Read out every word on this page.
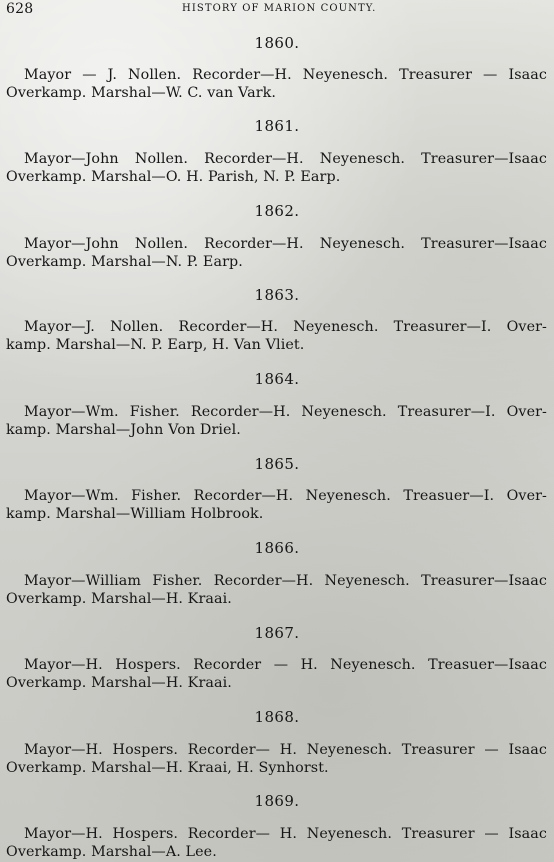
628	HISTORY OF MARION COUNTY.
1860.
Mayor — J. Nollen. Recorder—H. Neyenesch. Treasurer — Isaac
Overkamp. Marshal—W. C. van Vark.
1861.
Mayor—John Nollen. Recorder—H. Neyenesch. Treasurer—Isaac
Overkamp. Marshal—O. H. Parish, N. P. Earp.
1862.
Mayor—John Nollen. Recorder—H. Neyenesch. Treasurer—Isaac
Overkamp. Marshal—N. P. Earp.
1863.
Mayor—J. Nollen. Recorder—H. Neyenesch. Treasurer—I. Over-
kamp. Marshal—N. P. Earp, H. Van Vliet.
1864.
Mayor—Wm. Fisher. Recorder—H. Neyenesch. Treasurer—I. Over-
kamp. Marshal—John Von Driel.
1865.
Mayor—Wm. Fisher. Recorder—H. Neyenesch. Treasuer—I. Over-
kamp. Marshal—William Holbrook.
1866.
Mayor—William Fisher. Recorder—H. Neyenesch. Treasurer—Isaac
Overkamp. Marshal—H. Kraai.
1867.
Mayor—H. Hospers. Recorder — H. Neyenesch. Treasuer—Isaac
Overkamp. Marshal—H. Kraai.
1868.
Mayor—H. Hospers. Recorder— H. Neyenesch. Treasurer — Isaac
Overkamp. Marshal—H. Kraai, H. Synhorst.
1869.
Mayor—H. Hospers. Recorder— H. Neyenesch. Treasurer — Isaac
Overkamp. Marshal—A. Lee.
